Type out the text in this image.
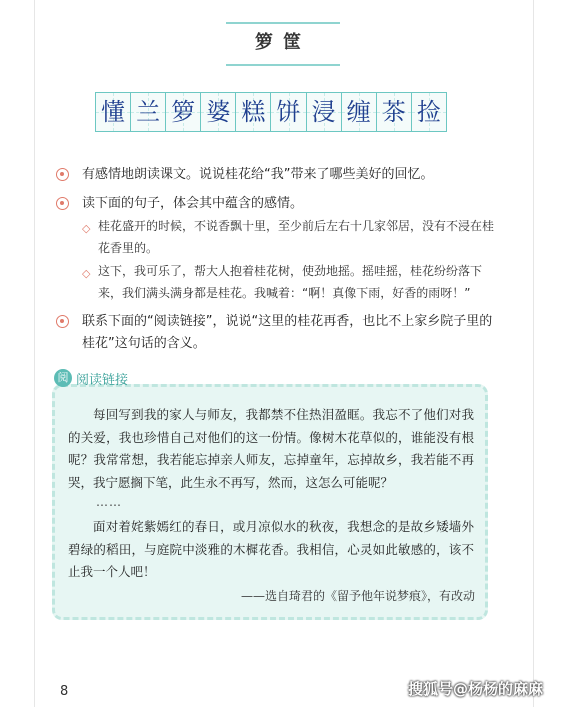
箩筐
懂 兰 箩 婆 糕 饼 浸 缠 茶 捡
有感情地朗读课文。说说桂花给“我”带来了哪些美好的回忆。
读下面的句子，体会其中蕴含的感情。
◇ 桂花盛开的时候，不说香飘十里，至少前后左右十几家邻居，没有不浸在桂花香里的。
◇ 这下，我可乐了，帮大人抱着桂花树，使劲地摇。摇哇摇，桂花纷纷落下来，我们满头满身都是桂花。我喊着：“啊！真像下雨，好香的雨呀！”
联系下面的“阅读链接”，说说“这里的桂花再香，也比不上家乡院子里的桂花”这句话的含义。
阅 阅读链接
每回写到我的家人与师友，我都禁不住热泪盈眶。我忘不了他们对我的关爱，我也珍惜自己对他们的这一份情。像树木花草似的，谁能没有根呢？我常常想，我若能忘掉亲人师友，忘掉童年，忘掉故乡，我若能不再哭，我宁愿搁下笔，此生永不再写，然而，这怎么可能呢？
……
面对着姹紫嫣红的春日，或月凉似水的秋夜，我想念的是故乡矮墙外碧绿的稻田，与庭院中淡雅的木樨花香。我相信，心灵如此敏感的，该不止我一个人吧！
——选自琦君的《留予他年说梦痕》，有改动
8	搜狐号@杨杨的麻麻
